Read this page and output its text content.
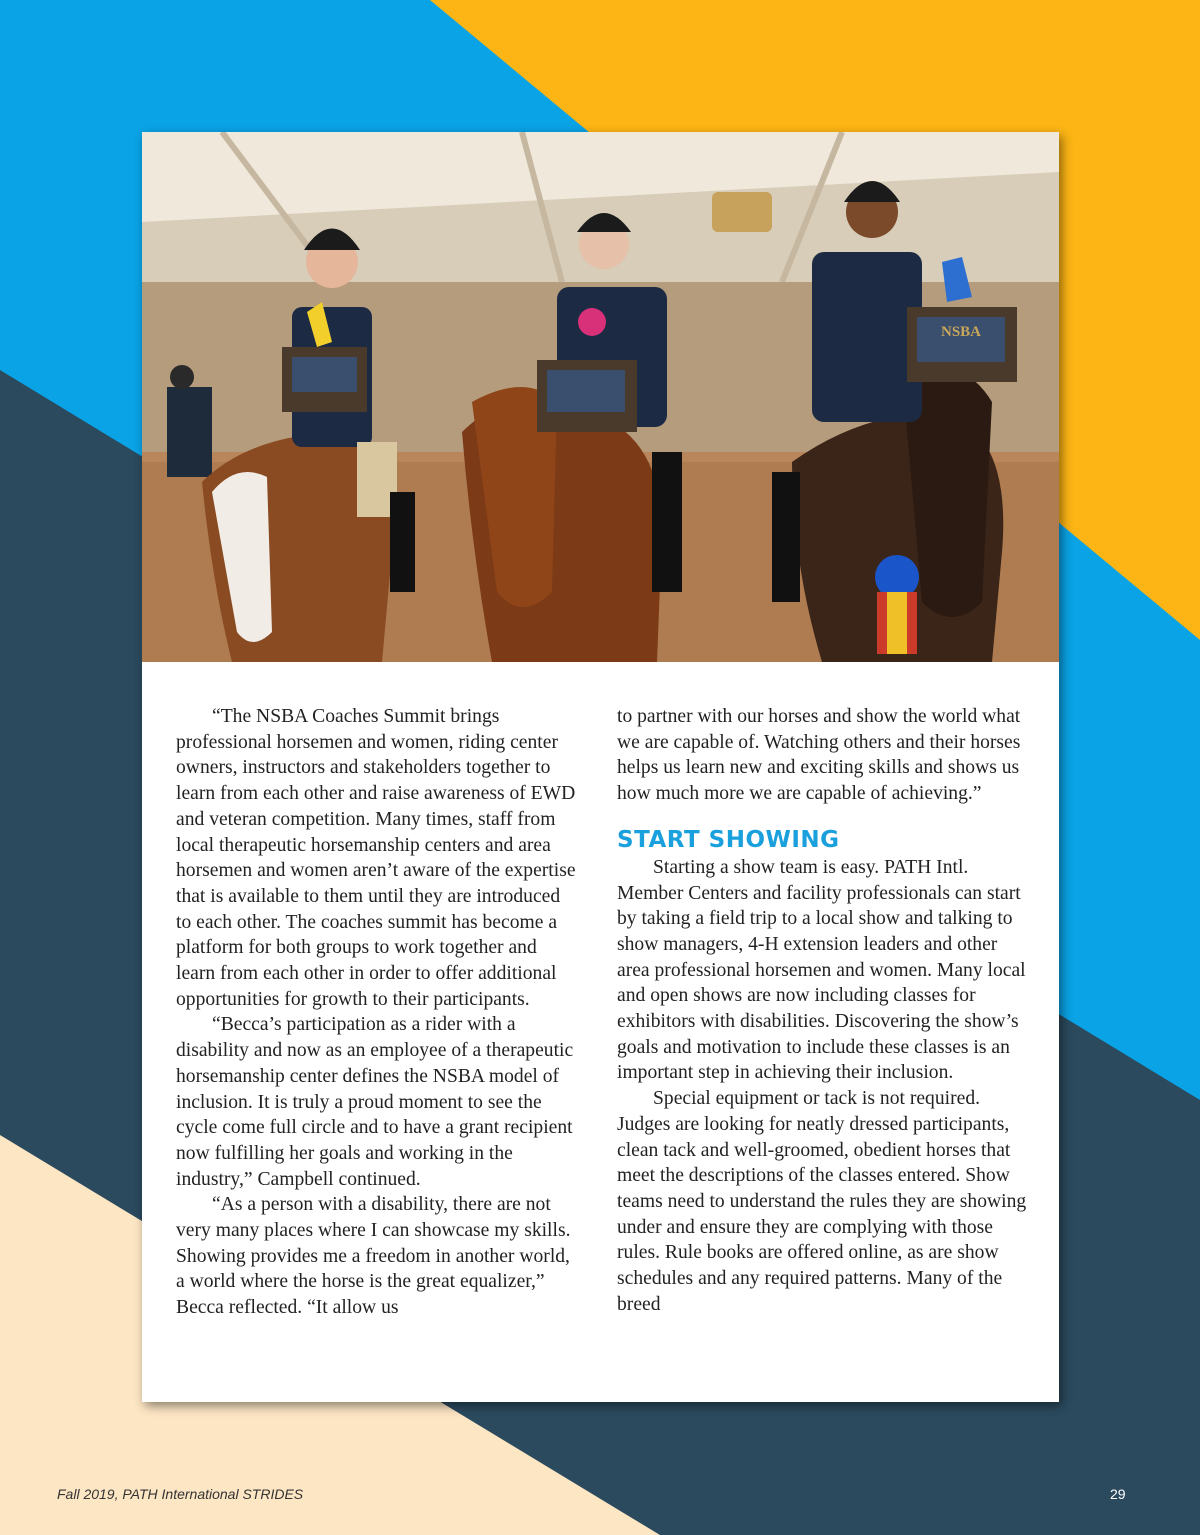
NSBA

“The NSBA Coaches Summit brings professional horsemen and women, riding center owners, instructors and stakeholders together to learn from each other and raise awareness of EWD and veteran competition. Many times, staff from local therapeutic horsemanship centers and area horsemen and women aren’t aware of the expertise that is available to them until they are introduced to each other. The coaches summit has become a platform for both groups to work together and learn from each other in order to offer additional opportunities for growth to their participants.

“Becca’s participation as a rider with a disability and now as an employee of a therapeutic horsemanship center defines the NSBA model of inclusion. It is truly a proud moment to see the cycle come full circle and to have a grant recipient now fulfilling her goals and working in the industry,” Campbell continued.

“As a person with a disability, there are not very many places where I can showcase my skills. Showing provides me a freedom in another world, a world where the horse is the great equalizer,” Becca reflected. “It allow us

to partner with our horses and show the world what we are capable of. Watching others and their horses helps us learn new and exciting skills and shows us how much more we are capable of achieving.”

START SHOWING

Starting a show team is easy. PATH Intl. Member Centers and facility professionals can start by taking a field trip to a local show and talking to show managers, 4-H extension leaders and other area professional horsemen and women. Many local and open shows are now including classes for exhibitors with disabilities. Discovering the show’s goals and motivation to include these classes is an important step in achieving their inclusion.

Special equipment or tack is not required. Judges are looking for neatly dressed participants, clean tack and well-groomed, obedient horses that meet the descriptions of the classes entered. Show teams need to understand the rules they are showing under and ensure they are complying with those rules. Rule books are offered online, as are show schedules and any required patterns. Many of the breed

Fall 2019, PATH International STRIDES	29
